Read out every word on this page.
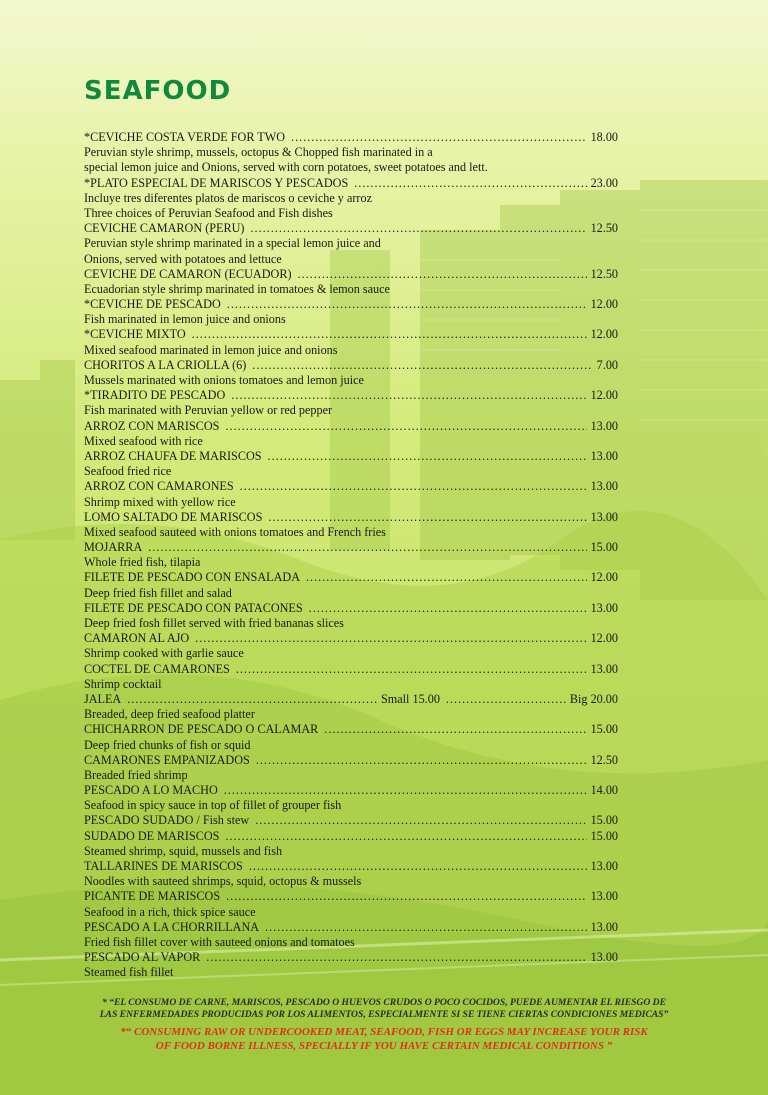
SEAFOOD
*CEVICHE COSTA VERDE FOR TWO .....	18.00
Peruvian style shrimp, mussels, octopus & Chopped fish marinated in a
special lemon juice and Onions, served with corn potatoes, sweet potatoes and lett.
*PLATO ESPECIAL DE MARISCOS Y PESCADOS .....	23.00
Incluye tres diferentes platos de mariscos o ceviche y arroz
Three choices of Peruvian Seafood and Fish dishes
CEVICHE CAMARON (PERU) .....	12.50
Peruvian style shrimp marinated in a special lemon juice and
Onions, served with potatoes and lettuce
CEVICHE DE CAMARON (ECUADOR) .....	12.50
Ecuadorian style shrimp marinated in tomatoes & lemon sauce
*CEVICHE DE PESCADO .....	12.00
Fish marinated in lemon juice and onions
*CEVICHE MIXTO .....	12.00
Mixed seafood marinated in lemon juice and onions
CHORITOS A LA CRIOLLA (6) .....	7.00
Mussels marinated with onions tomatoes and lemon juice
*TIRADITO DE PESCADO .....	12.00
Fish marinated with Peruvian yellow or red pepper
ARROZ CON MARISCOS .....	13.00
Mixed seafood with rice
ARROZ CHAUFA DE MARISCOS .....	13.00
Seafood fried rice
ARROZ CON CAMARONES .....	13.00
Shrimp mixed with yellow rice
LOMO SALTADO DE MARISCOS .....	13.00
Mixed seafood sauteed with onions tomatoes and French fries
MOJARRA .....	15.00
Whole fried fish, tilapia
FILETE DE PESCADO CON ENSALADA .....	12.00
Deep fried fish fillet and salad
FILETE DE PESCADO CON PATACONES .....	13.00
Deep fried fosh fillet served with fried bananas slices
CAMARON AL AJO .....	12.00
Shrimp cooked with garlie sauce
COCTEL DE CAMARONES .....	13.00
Shrimp cocktail
JALEA .....	Small 15.00 .....	Big 20.00
Breaded, deep fried seafood platter
CHICHARRON DE PESCADO O CALAMAR .....	15.00
Deep fried chunks of fish or squid
CAMARONES EMPANIZADOS .....	12.50
Breaded fried shrimp
PESCADO A LO MACHO .....	14.00
Seafood in spicy sauce in top of fillet of grouper fish
PESCADO SUDADO / Fish stew .....	15.00
SUDADO DE MARISCOS .....	15.00
Steamed shrimp, squid, mussels and fish
TALLARINES DE MARISCOS .....	13.00
Noodles with sauteed shrimps, squid, octopus & mussels
PICANTE DE MARISCOS .....	13.00
Seafood in a rich, thick spice sauce
PESCADO A LA CHORRILLANA .....	13.00
Fried fish fillet cover with sauteed onions and tomatoes
PESCADO AL VAPOR .....	13.00
Steamed fish fillet

* “EL CONSUMO DE CARNE, MARISCOS, PESCADO O HUEVOS CRUDOS O POCO COCIDOS, PUEDE AUMENTAR EL RIESGO DE

LAS ENFERMEDADES PRODUCIDAS POR LOS ALIMENTOS, ESPECIALMENTE SI SE TIENE CIERTAS CONDICIONES MEDICAS”

*“ CONSUMING RAW OR UNDERCOOKED MEAT, SEAFOOD, FISH OR EGGS MAY INCREASE YOUR RISK

OF FOOD BORNE ILLNESS, SPECIALLY IF YOU HAVE CERTAIN MEDICAL CONDITIONS ”
